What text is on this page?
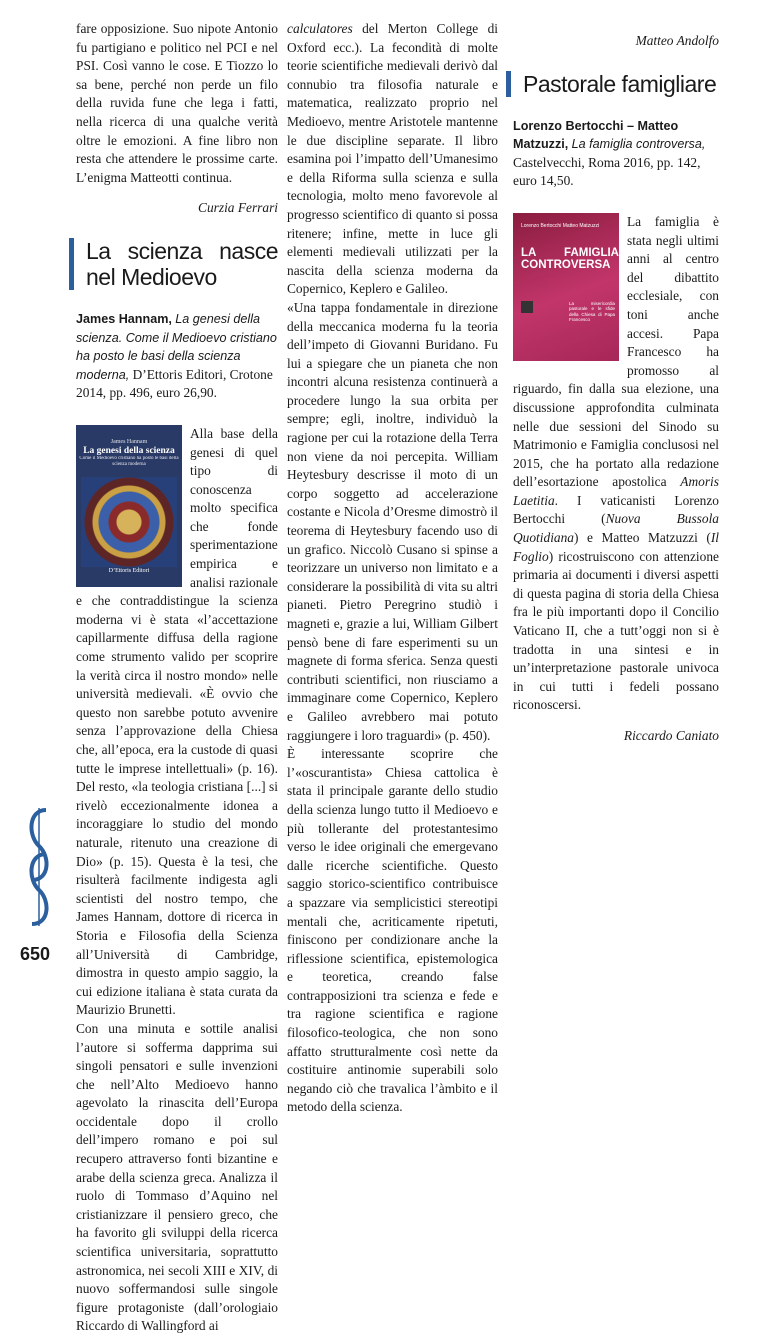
fare opposizione. Suo nipote Antonio fu partigiano e politico nel PCI e nel PSI. Così vanno le cose. E Tiozzo lo sa bene, perché non perde un filo della ruvida fune che lega i fatti, nella ricerca di una qualche verità oltre le emozioni. A fine libro non resta che attendere le prossime carte. L’enigma Matteotti continua.

Curzia Ferrari

La scienza nasce nel Medioevo
James Hannam, La genesi della scienza. Come il Medioevo cristiano ha posto le basi della scienza moderna, D’Ettoris Editori, Crotone 2014, pp. 496, euro 26,90.
James Hannam
La genesi della scienza
Come il Medioevo cristiano ha posto le basi della scienza moderna
D’Ettoris Editori

Alla base della genesi di quel tipo di conoscenza molto specifica che fonde sperimentazione empirica e analisi razionale e che contraddistingue la scienza moderna vi è stata «l’accettazione capillarmente diffusa della ragione come strumento valido per scoprire la verità circa il nostro mondo» nelle università medievali. «È ovvio che questo non sarebbe potuto avvenire senza l’approvazione della Chiesa che, all’epoca, era la custode di quasi tutte le imprese intellettuali» (p. 16). Del resto, «la teologia cristiana [...] si rivelò eccezionalmente idonea a incoraggiare lo studio del mondo naturale, ritenuto una creazione di Dio» (p. 15). Questa è la tesi, che risulterà facilmente indigesta agli scientisti del nostro tempo, che James Hannam, dottore di ricerca in Storia e Filosofia della Scienza all’Università di Cambridge, dimostra in questo ampio saggio, la cui edizione italiana è stata curata da Maurizio Brunetti.

Con una minuta e sottile analisi l’autore si sofferma dapprima sui singoli pensatori e sulle invenzioni che nell’Alto Medioevo hanno agevolato la rinascita dell’Europa occidentale dopo il crollo dell’impero romano e poi sul recupero attraverso fonti bizantine e arabe della scienza greca. Analizza il ruolo di Tommaso d’Aquino nel cristianizzare il pensiero greco, che ha favorito gli sviluppi della ricerca scientifica universitaria, soprattutto astronomica, nei secoli XIII e XIV, di nuovo soffermandosi sulle singole figure protagoniste (dall’orologiaio Riccardo di Wallingford ai

calculatores del Merton College di Oxford ecc.). La fecondità di molte teorie scientifiche medievali derivò dal connubio tra filosofia naturale e matematica, realizzato proprio nel Medioevo, mentre Aristotele mantenne le due discipline separate. Il libro esamina poi l’impatto dell’Umanesimo e della Riforma sulla scienza e sulla tecnologia, molto meno favorevole al progresso scientifico di quanto si possa ritenere; infine, mette in luce gli elementi medievali utilizzati per la nascita della scienza moderna da Copernico, Keplero e Galileo.

«Una tappa fondamentale in direzione della meccanica moderna fu la teoria dell’impeto di Giovanni Buridano. Fu lui a spiegare che un pianeta che non incontri alcuna resistenza continuerà a procedere lungo la sua orbita per sempre; egli, inoltre, individuò la ragione per cui la rotazione della Terra non viene da noi percepita. William Heytesbury descrisse il moto di un corpo soggetto ad accelerazione costante e Nicola d’Oresme dimostrò il teorema di Heytesbury facendo uso di un grafico. Niccolò Cusano si spinse a teorizzare un universo non limitato e a considerare la possibilità di vita su altri pianeti. Pietro Peregrino studiò i magneti e, grazie a lui, William Gilbert pensò bene di fare esperimenti su un magnete di forma sferica. Senza questi contributi scientifici, non riusciamo a immaginare come Copernico, Keplero e Galileo avrebbero mai potuto raggiungere i loro traguardi» (p. 450).

È interessante scoprire che l’«oscurantista» Chiesa cattolica è stata il principale garante dello studio della scienza lungo tutto il Medioevo e più tollerante del protestantesimo verso le idee originali che emergevano dalle ricerche scientifiche. Questo saggio storico-scientifico contribuisce a spazzare via semplicistici stereotipi mentali che, acriticamente ripetuti, finiscono per condizionare anche la riflessione scientifica, epistemologica e teoretica, creando false contrapposizioni tra scienza e fede e tra ragione scientifica e ragione filosofico-teologica, che non sono affatto strutturalmente così nette da costituire antinomie superabili solo negando ciò che travalica l’àmbito e il metodo della scienza.

Matteo Andolfo

Pastorale famigliare
Lorenzo Bertocchi – Matteo Matzuzzi, La famiglia controversa, Castelvecchi, Roma 2016, pp. 142, euro 14,50.
Lorenzo Bertocchi Matteo Matzuzzi
LA FAMIGLIA CONTROVERSA
La misericordia pastorale e le sfide della Chiesa di Papa Francesco

La famiglia è stata negli ultimi anni al centro del dibattito ecclesiale, con toni anche accesi. Papa Francesco ha promosso al riguardo, fin dalla sua elezione, una discussione approfondita culminata nelle due sessioni del Sinodo su Matrimonio e Famiglia conclusosi nel 2015, che ha portato alla redazione dell’esortazione apostolica Amoris Laetitia. I vaticanisti Lorenzo Bertocchi (Nuova Bussola Quotidiana) e Matteo Matzuzzi (Il Foglio) ricostruiscono con attenzione primaria ai documenti i diversi aspetti di questa pagina di storia della Chiesa fra le più importanti dopo il Concilio Vaticano II, che a tutt’oggi non si è tradotta in una sintesi e in un’interpretazione pastorale univoca in cui tutti i fedeli possano riconoscersi.

Riccardo Caniato

650
